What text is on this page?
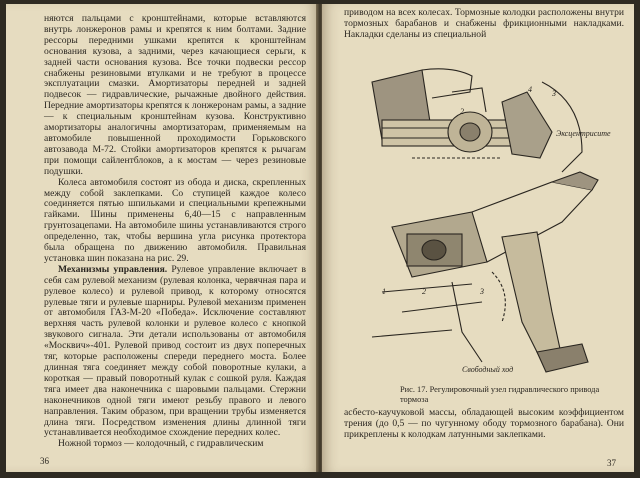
няются пальцами с кронштейнами, которые вставляются внутрь лонжеронов рамы и крепятся к ним болтами. Задние рессоры передними ушками крепятся к кронштейнам основания кузова, а задними, через качающиеся серьги, к задней части основания кузова. Все точки подвески рессор снабжены резиновыми втулками и не требуют в процессе эксплуатации смазки. Амортизаторы передней и задней подвесок — гидравлические, рычажные двойного действия. Передние амортизаторы крепятся к лонжеронам рамы, а задние — к специальным кронштейнам кузова. Конструктивно амортизаторы аналогичны амортизаторам, применяемым на автомобиле повышенной проходимости Горьковского автозавода М-72. Стойки амортизаторов крепятся к рычагам при помощи сайлентблоков, а к мостам — через резиновые подушки.

Колеса автомобиля состоят из обода и диска, скрепленных между собой заклепками. Со ступицей каждое колесо соединяется пятью шпильками и специальными крепежными гайками. Шины применены 6,40—15 с направленным грунтозацепами. На автомобиле шины устанавливаются строго определенно, так, чтобы вершина угла рисунка протектора была обращена по движению автомобиля. Правильная установка шин показана на рис. 29.

Механизмы управления. Рулевое управление включает в себя сам рулевой механизм (рулевая колонка, червячная пара и рулевое колесо) и рулевой привод, к которому относятся рулевые тяги и рулевые шарниры. Рулевой механизм применен от автомобиля ГАЗ-М-20 «Победа». Исключение составляют верхняя часть рулевой колонки и рулевое колесо с кнопкой звукового сигнала. Эти детали использованы от автомобиля «Москвич»-401. Рулевой привод состоит из двух поперечных тяг, которые расположены спереди переднего моста. Более длинная тяга соединяет между собой поворотные кулаки, а короткая — правый поворотный кулак с сошкой руля. Каждая тяга имеет два наконечника с шаровыми пальцами. Стержни наконечников одной тяги имеют резьбу правого и левого направления. Таким образом, при вращении трубы изменяется длина тяги. Посредством изменения длины длинной тяги устанавливается необходимое схождение передних колес.

Ножной тормоз — колодочный, с гидравлическим

36
приводом на всех колесах. Тормозные колодки расположены внутри тормозных барабанов и снабжены фрикционными накладками. Накладки сделаны из специальной
4	3
2
Эксцентрисите
1	2	3
Свободный ход
Рис. 17. Регулировочный узел гидравлического привода тормоза
асбесто-каучуковой массы, обладающей высоким коэффициентом трения (до 0,5 — по чугунному ободу тормозного барабана). Они прикреплены к колодкам латунными заклепками.
37
